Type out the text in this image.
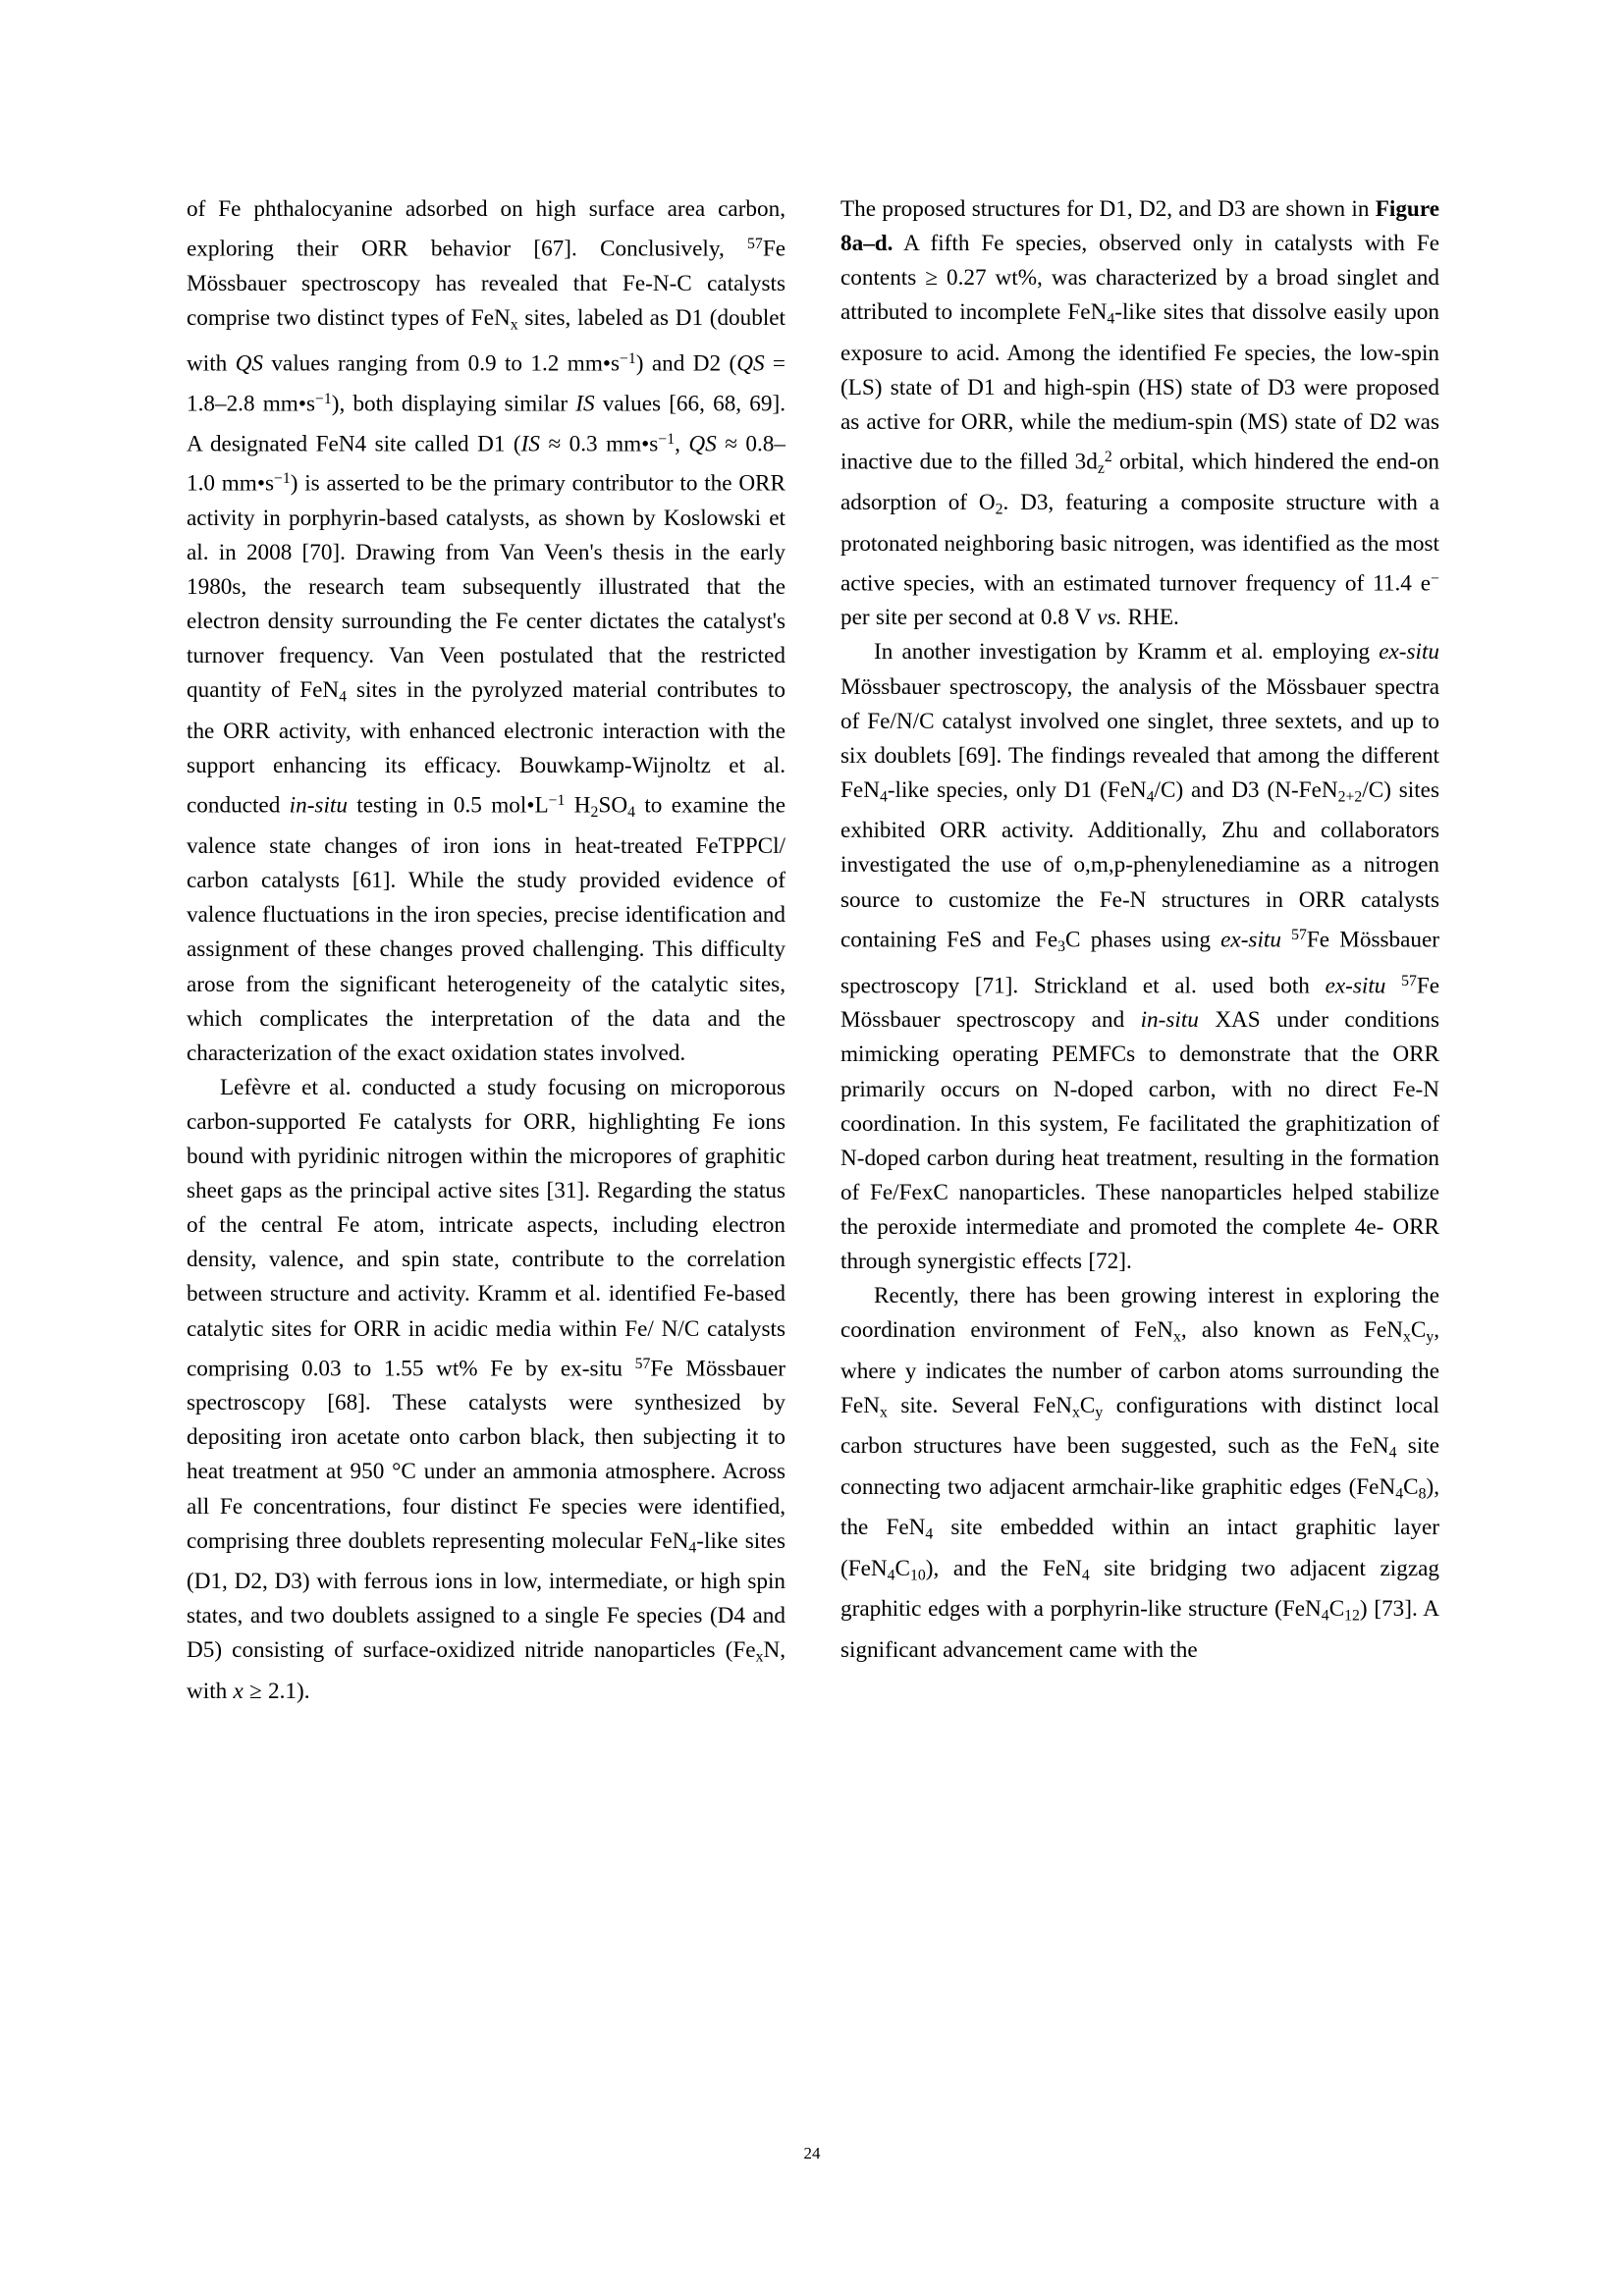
of Fe phthalocyanine adsorbed on high surface area carbon, exploring their ORR behavior [67]. Conclusively, $^{57}$Fe Mössbauer spectroscopy has revealed that Fe-N-C catalysts comprise two distinct types of FeN$_x$ sites, labeled as D1 (doublet with QS values ranging from 0.9 to 1.2 $mm•s^{-1}$) and D2 (QS = 1.8–2.8 $mm•s^{-1}$), both displaying similar IS values [66, 68, 69]. A designated FeN4 site called D1 (IS ≈ 0.3 $mm•s^{-1}$, QS ≈ 0.8–1.0 $mm•s^{-1}$) is asserted to be the primary contributor to the ORR activity in porphyrin-based catalysts, as shown by Koslowski et al. in 2008 [70]. Drawing from Van Veen's thesis in the early 1980s, the research team subsequently illustrated that the electron density surrounding the Fe center dictates the catalyst's turnover frequency. Van Veen postulated that the restricted quantity of FeN$_4$ sites in the pyrolyzed material contributes to the ORR activity, with enhanced electronic interaction with the support enhancing its efficacy. Bouwkamp-Wijnoltz et al. conducted in-situ testing in 0.5 $mol•L^{-1}$ $H_2SO_4$ to examine the valence state changes of iron ions in heat-treated FeTPPCl/ carbon catalysts [61]. While the study provided evidence of valence fluctuations in the iron species, precise identification and assignment of these changes proved challenging. This difficulty arose from the significant heterogeneity of the catalytic sites, which complicates the interpretation of the data and the characterization of the exact oxidation states involved.

Lefèvre et al. conducted a study focusing on microporous carbon-supported Fe catalysts for ORR, highlighting Fe ions bound with pyridinic nitrogen within the micropores of graphitic sheet gaps as the principal active sites [31]. Regarding the status of the central Fe atom, intricate aspects, including electron density, valence, and spin state, contribute to the correlation between structure and activity. Kramm et al. identified Fe-based catalytic sites for ORR in acidic media within Fe/ N/C catalysts comprising 0.03 to 1.55 wt% Fe by ex-situ $^{57}$Fe Mössbauer spectroscopy [68]. These catalysts were synthesized by depositing iron acetate onto carbon black, then subjecting it to heat treatment at 950 °C under an ammonia atmosphere. Across all Fe concentrations, four distinct Fe species were identified, comprising three doublets representing molecular FeN$_4$-like sites (D1, D2, D3) with ferrous ions in low, intermediate, or high spin states, and two doublets assigned to a single Fe species (D4 and D5) consisting of surface-oxidized nitride nanoparticles ($Fe_xN$, with x ≥ 2.1).

The proposed structures for D1, D2, and D3 are shown in Figure 8a–d. A fifth Fe species, observed only in catalysts with Fe contents ≥ 0.27 wt%, was characterized by a broad singlet and attributed to incomplete FeN$_4$-like sites that dissolve easily upon exposure to acid. Among the identified Fe species, the low-spin (LS) state of D1 and high-spin (HS) state of D3 were proposed as active for ORR, while the medium-spin (MS) state of D2 was inactive due to the filled $3d_z^2$ orbital, which hindered the end-on adsorption of $O_2$. D3, featuring a composite structure with a protonated neighboring basic nitrogen, was identified as the most active species, with an estimated turnover frequency of 11.4 e− per site per second at 0.8 V vs. RHE.

In another investigation by Kramm et al. employing ex-situ Mössbauer spectroscopy, the analysis of the Mössbauer spectra of Fe/N/C catalyst involved one singlet, three sextets, and up to six doublets [69]. The findings revealed that among the different FeN$_4$-like species, only D1 (FeN$_4$/C) and D3 (N-FeN$_{2+2}$/C) sites exhibited ORR activity. Additionally, Zhu and collaborators investigated the use of o,m,p-phenylenediamine as a nitrogen source to customize the Fe-N structures in ORR catalysts containing FeS and $Fe_3C$ phases using ex-situ $^{57}$Fe Mössbauer spectroscopy [71]. Strickland et al. used both ex-situ $^{57}$Fe Mössbauer spectroscopy and in-situ XAS under conditions mimicking operating PEMFCs to demonstrate that the ORR primarily occurs on N-doped carbon, with no direct Fe-N coordination. In this system, Fe facilitated the graphitization of N-doped carbon during heat treatment, resulting in the formation of Fe/FexC nanoparticles. These nanoparticles helped stabilize the peroxide intermediate and promoted the complete 4e- ORR through synergistic effects [72].

Recently, there has been growing interest in exploring the coordination environment of FeN$_x$, also known as $FeN_xC_y$, where y indicates the number of carbon atoms surrounding the FeN$_x$ site. Several $FeN_xC_y$ configurations with distinct local carbon structures have been suggested, such as the FeN$_4$ site connecting two adjacent armchair-like graphitic edges $(FeN_4C_8)$, the FeN$_4$ site embedded within an intact graphitic layer $(FeN_4C_{10})$, and the FeN$_4$ site bridging two adjacent zigzag graphitic edges with a porphyrin-like structure $(FeN_4C_{12})$ [73]. A significant advancement came with the

24
